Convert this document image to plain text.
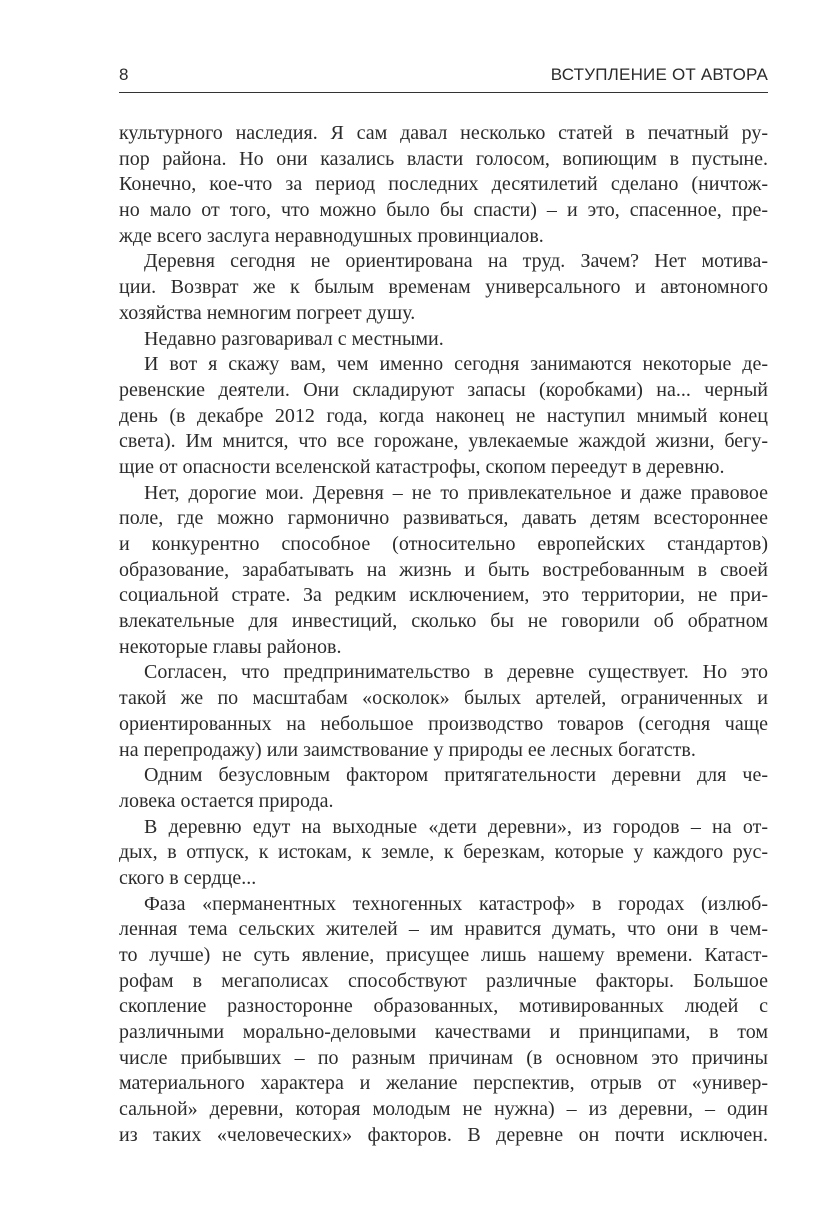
8	ВСТУПЛЕНИЕ ОТ АВТОРА
культурного наследия. Я сам давал несколько статей в печатный ру-
пор района. Но они казались власти голосом, вопиющим в пустыне.
Конечно, кое-что за период последних десятилетий сделано (ничтож-
но мало от того, что можно было бы спасти) – и это, спасенное, пре-
жде всего заслуга неравнодушных провинциалов.
Деревня сегодня не ориентирована на труд. Зачем? Нет мотива-
ции. Возврат же к былым временам универсального и автономного
хозяйства немногим погреет душу.
Недавно разговаривал с местными.
И вот я скажу вам, чем именно сегодня занимаются некоторые де-
ревенские деятели. Они складируют запасы (коробками) на... черный
день (в декабре 2012 года, когда наконец не наступил мнимый конец
света). Им мнится, что все горожане, увлекаемые жаждой жизни, бегу-
щие от опасности вселенской катастрофы, скопом переедут в деревню.
Нет, дорогие мои. Деревня – не то привлекательное и даже правовое
поле, где можно гармонично развиваться, давать детям всестороннее
и конкурентно способное (относительно европейских стандартов)
образование, зарабатывать на жизнь и быть востребованным в своей
социальной страте. За редким исключением, это территории, не при-
влекательные для инвестиций, сколько бы не говорили об обратном
некоторые главы районов.
Согласен, что предпринимательство в деревне существует. Но это
такой же по масштабам «осколок» былых артелей, ограниченных и
ориентированных на небольшое производство товаров (сегодня чаще
на перепродажу) или заимствование у природы ее лесных богатств.
Одним безусловным фактором притягательности деревни для че-
ловека остается природа.
В деревню едут на выходные «дети деревни», из городов – на от-
дых, в отпуск, к истокам, к земле, к березкам, которые у каждого рус-
ского в сердце...
Фаза «перманентных техногенных катастроф» в городах (излюб-
ленная тема сельских жителей – им нравится думать, что они в чем-
то лучше) не суть явление, присущее лишь нашему времени. Катаст-
рофам в мегаполисах способствуют различные факторы. Большое
скопление разносторонне образованных, мотивированных людей с
различными морально-деловыми качествами и принципами, в том
числе прибывших – по разным причинам (в основном это причины
материального характера и желание перспектив, отрыв от «универ-
сальной» деревни, которая молодым не нужна) – из деревни, – один
из таких «человеческих» факторов. В деревне он почти исключен.
